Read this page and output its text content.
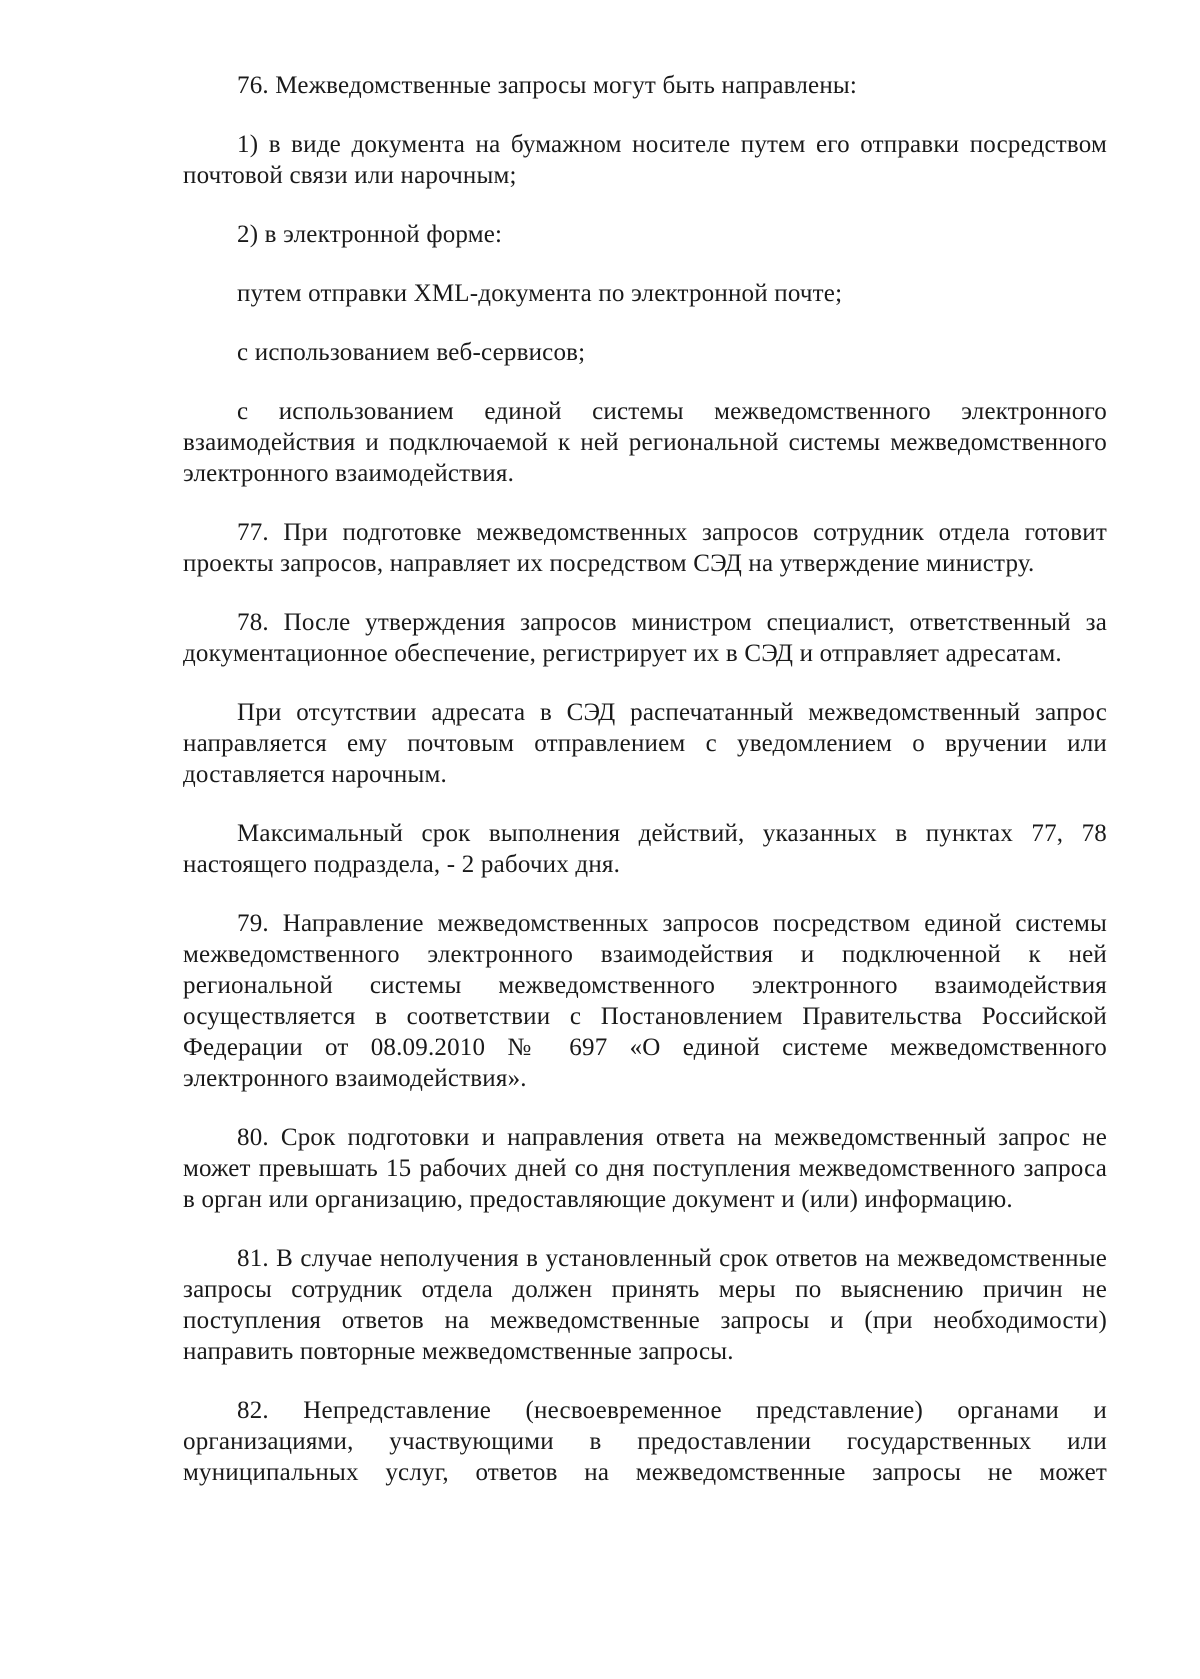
76. Межведомственные запросы могут быть направлены:

1) в виде документа на бумажном носителе путем его отправки посредством почтовой связи или нарочным;

2) в электронной форме:

путем отправки XML-документа по электронной почте;

с использованием веб-сервисов;

с использованием единой системы межведомственного электронного взаимодействия и подключаемой к ней региональной системы межведомственного электронного взаимодействия.

77. При подготовке межведомственных запросов сотрудник отдела готовит проекты запросов, направляет их посредством СЭД на утверждение министру.

78. После утверждения запросов министром специалист, ответственный за документационное обеспечение, регистрирует их в СЭД и отправляет адресатам.

При отсутствии адресата в СЭД распечатанный межведомственный запрос направляется ему почтовым отправлением с уведомлением о вручении или доставляется нарочным.

Максимальный срок выполнения действий, указанных в пунктах 77, 78 настоящего подраздела, - 2 рабочих дня.

79. Направление межведомственных запросов посредством единой системы межведомственного электронного взаимодействия и подключенной к ней региональной системы межведомственного электронного взаимодействия осуществляется в соответствии с Постановлением Правительства Российской Федерации от 08.09.2010 № 697 «О единой системе межведомственного электронного взаимодействия».

80. Срок подготовки и направления ответа на межведомственный запрос не может превышать 15 рабочих дней со дня поступления межведомственного запроса в орган или организацию, предоставляющие документ и (или) информацию.

81. В случае неполучения в установленный срок ответов на межведомственные запросы сотрудник отдела должен принять меры по выяснению причин не поступления ответов на межведомственные запросы и (при необходимости) направить повторные межведомственные запросы.

82. Непредставление (несвоевременное представление) органами и организациями, участвующими в предоставлении государственных или муниципальных услуг, ответов на межведомственные запросы не может
